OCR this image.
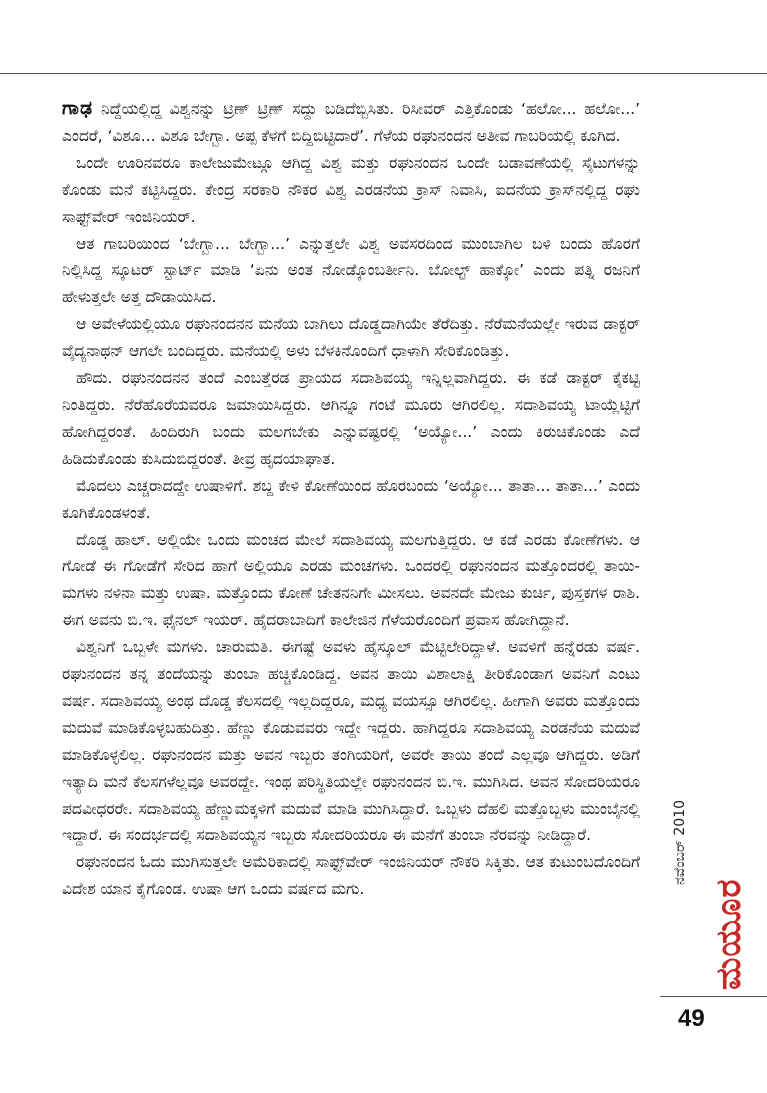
ಗಾಢ ನಿದ್ದೆಯಲ್ಲಿದ್ದ ವಿಶ್ವನನ್ನು ಟ್ರಿಣ್ ಟ್ರಿಣ್ ಸದ್ದು ಬಡಿದೆಬ್ಬಿಸಿತು. ರಿಸೀವರ್ ಎತ್ತಿಕೊಂಡು ‘ಹಲೋ... ಹಲೋ...’ ಎಂದರೆ, ‘ವಿಶೂ... ವಿಶೂ ಬೇಗ್ಬಾ. ಅಪ್ಪ ಕೆಳಗೆ ಬಿದ್ದಿಬಿಟ್ಟಿದಾರೆ’. ಗೆಳೆಯ ರಘುನಂದನ ಅತೀವ ಗಾಬರಿಯಲ್ಲಿ ಕೂಗಿದ.

ಒಂದೇ ಊರಿನವರೂ ಕಾಲೇಜುಮೇಟ್ಗೂ ಆಗಿದ್ದ ವಿಶ್ವ ಮತ್ತು ರಘುನಂದನ ಒಂದೇ ಬಡಾವಣೆಯಲ್ಲಿ ಸೈಟುಗಳನ್ನು ಕೊಂಡು ಮನೆ ಕಟ್ಟಿಸಿದ್ದರು. ಕೇಂದ್ರ ಸರಕಾರಿ ನೌಕರ ವಿಶ್ವ ಎರಡನೆಯ ಕ್ರಾಸ್ ನಿವಾಸಿ, ಐದನೆಯ ಕ್ರಾಸ್‌ನಲ್ಲಿದ್ದ ರಘು ಸಾಫ್ಟ್‌ವೇರ್ ಇಂಜಿನಿಯರ್.

ಆತ ಗಾಬರಿಯಿಂದ ‘ಬೇಗ್ಬಾ... ಬೇಗ್ಬಾ...’ ಎನ್ನುತ್ತಲೇ ವಿಶ್ವ ಅವಸರದಿಂದ ಮುಂಬಾಗಿಲ ಬಳಿ ಬಂದು ಹೊರಗೆ ನಿಲ್ಲಿಸಿದ್ದ ಸ್ಕೂಟರ್ ಸ್ಟಾರ್ಟ್ ಮಾಡಿ ‘ಏನು ಅಂತ ನೋಡ್ಕೊಂಬರ್ತೀನಿ. ಬೋಲ್ಟ್ ಹಾಕ್ಕೋ’ ಎಂದು ಪತ್ನಿ ರಜನಿಗೆ ಹೇಳುತ್ತಲೇ ಅತ್ತ ದೌಡಾಯಿಸಿದ.

ಆ ಅವೇಳೆಯಲ್ಲಿಯೂ ರಘುನಂದನನ ಮನೆಯ ಬಾಗಿಲು ದೊಡ್ಡದಾಗಿಯೇ ತೆರೆದಿತ್ತು. ನೆರೆಮನೆಯಲ್ಲೇ ಇರುವ ಡಾಕ್ಟರ್ ವೈದ್ಯನಾಥನ್ ಆಗಲೇ ಬಂದಿದ್ದರು. ಮನೆಯಲ್ಲಿ ಅಳು ಬೆಳಕಿನೊಂದಿಗೆ ಧಾಳಾಗಿ ಸೇರಿಕೊಂಡಿತ್ತು.

ಹೌದು. ರಘುನಂದನನ ತಂದೆ ಎಂಬತ್ತೆರಡ ಪ್ರಾಯದ ಸದಾಶಿವಯ್ಯ ಇನ್ನಿಲ್ಲವಾಗಿದ್ದರು. ಈ ಕಡೆ ಡಾಕ್ಟರ್ ಕೈಕಟ್ಟಿ ನಿಂತಿದ್ದರು. ನೆರೆಹೊರೆಯವರೂ ಜಮಾಯಿಸಿದ್ದರು. ಆಗಿನ್ನೂ ಗಂಟೆ ಮೂರು ಆಗಿರಲಿಲ್ಲ. ಸದಾಶಿವಯ್ಯ ಟಾಯ್ಲೆಟ್ಟಿಗೆ ಹೋಗಿದ್ದರಂತೆ. ಹಿಂದಿರುಗಿ ಬಂದು ಮಲಗಬೇಕು ಎನ್ನುವಷ್ಟರಲ್ಲಿ ‘ಅಯ್ಯೋ...’ ಎಂದು ಕಿರುಚಿಕೊಂಡು ಎದೆ ಹಿಡಿದುಕೊಂಡು ಕುಸಿದುಬಿದ್ದರಂತೆ. ತೀವ್ರ ಹೃದಯಾಘಾತ.

ಮೊದಲು ಎಚ್ಚರಾದದ್ದೇ ಉಷಾಳಿಗೆ. ಶಬ್ದ ಕೇಳಿ ಕೋಣೆಯಿಂದ ಹೊರಬಂದು ‘ಅಯ್ಯೋ... ತಾತಾ... ತಾತಾ...’ ಎಂದು ಕೂಗಿಕೊಂಡಳಂತೆ.

ದೊಡ್ಡ ಹಾಲ್. ಅಲ್ಲಿಯೇ ಒಂದು ಮಂಚದ ಮೇಲೆ ಸದಾಶಿವಯ್ಯ ಮಲಗುತ್ತಿದ್ದರು. ಆ ಕಡೆ ಎರಡು ಕೋಣೆಗಳು. ಆ ಗೋಡೆ ಈ ಗೋಡೆಗೆ ಸೇರಿದ ಹಾಗೆ ಅಲ್ಲಿಯೂ ಎರಡು ಮಂಚಗಳು. ಒಂದರಲ್ಲಿ ರಘುನಂದನ ಮತ್ತೊಂದರಲ್ಲಿ ತಾಯಿ-ಮಗಳು ನಳಿನಾ ಮತ್ತು ಉಷಾ. ಮತ್ತೊಂದು ಕೋಣೆ ಚೇತನನಿಗೇ ಮೀಸಲು. ಅವನದೇ ಮೇಜು ಕುರ್ಚಿ, ಪುಸ್ತಕಗಳ ರಾಶಿ. ಈಗ ಅವನು ಬಿ.ಇ. ಫೈನಲ್ ಇಯರ್. ಹೈದರಾಬಾದಿಗೆ ಕಾಲೇಜಿನ ಗೆಳೆಯರೊಂದಿಗೆ ಪ್ರವಾಸ ಹೋಗಿದ್ದಾನೆ.

ವಿಶ್ವನಿಗೆ ಒಬ್ಬಳೇ ಮಗಳು. ಚಾರುಮತಿ. ಈಗಷ್ಟೆ ಅವಳು ಹೈಸ್ಕೂಲ್ ಮೆಟ್ಟಿಲೇರಿದ್ದಾಳೆ. ಅವಳಿಗೆ ಹನ್ನೆರಡು ವರ್ಷ. ರಘುನಂದನ ತನ್ನ ತಂದೆಯನ್ನು ತುಂಬಾ ಹಚ್ಚಿಕೊಂಡಿದ್ದ. ಅವನ ತಾಯಿ ವಿಶಾಲಾಕ್ಷಿ ತೀರಿಕೊಂಡಾಗ ಅವನಿಗೆ ಎಂಟು ವರ್ಷ. ಸದಾಶಿವಯ್ಯ ಅಂಥ ದೊಡ್ಡ ಕೆಲಸದಲ್ಲಿ ಇಲ್ಲದಿದ್ದರೂ, ಮಧ್ಯ ವಯಸ್ಸೂ ಆಗಿರಲಿಲ್ಲ. ಹೀಗಾಗಿ ಅವರು ಮತ್ತೊಂದು ಮದುವೆ ಮಾಡಿಕೊಳ್ಳಬಹುದಿತ್ತು. ಹೆಣ್ಣು ಕೊಡುವವರು ಇದ್ದೇ ಇದ್ದರು. ಹಾಗಿದ್ದರೂ ಸದಾಶಿವಯ್ಯ ಎರಡನೆಯ ಮದುವೆ ಮಾಡಿಕೊಳ್ಳಲಿಲ್ಲ. ರಘುನಂದನ ಮತ್ತು ಅವನ ಇಬ್ಬರು ತಂಗಿಯರಿಗೆ, ಅವರೇ ತಾಯಿ ತಂದೆ ಎಲ್ಲವೂ ಆಗಿದ್ದರು. ಅಡಿಗೆ ಇತ್ಯಾದಿ ಮನೆ ಕೆಲಸಗಳೆಲ್ಲವೂ ಅವರದ್ದೇ. ಇಂಥ ಪರಿಸ್ಥಿತಿಯಲ್ಲೇ ರಘುನಂದನ ಬಿ.ಇ. ಮುಗಿಸಿದ. ಅವನ ಸೋದರಿಯರೂ ಪದವೀಧರರೇ. ಸದಾಶಿವಯ್ಯ ಹೆಣ್ಣುಮಕ್ಕಳಿಗೆ ಮದುವೆ ಮಾಡಿ ಮುಗಿಸಿದ್ದಾರೆ. ಒಬ್ಬಳು ದೆಹಲಿ ಮತ್ತೊಬ್ಬಳು ಮುಂಬೈನಲ್ಲಿ ಇದ್ದಾರೆ. ಈ ಸಂದರ್ಭದಲ್ಲಿ ಸದಾಶಿವಯ್ಯನ ಇಬ್ಬರು ಸೋದರಿಯರೂ ಈ ಮನೆಗೆ ತುಂಬಾ ನೆರವನ್ನು ನೀಡಿದ್ದಾರೆ.

ರಘುನಂದನ ಓದು ಮುಗಿಸುತ್ತಲೇ ಅಮೆರಿಕಾದಲ್ಲಿ ಸಾಫ್ಟ್‌ವೇರ್ ಇಂಜಿನಿಯರ್ ನೌಕರಿ ಸಿಕ್ಕಿತು. ಆತ ಕುಟುಂಬದೊಂದಿಗೆ ವಿದೇಶ ಯಾನ ಕೈಗೊಂಡ. ಉಷಾ ಆಗ ಒಂದು ವರ್ಷದ ಮಗು.

ನವೆಂಬರ್ 2010
ಮಯೂರ
49
